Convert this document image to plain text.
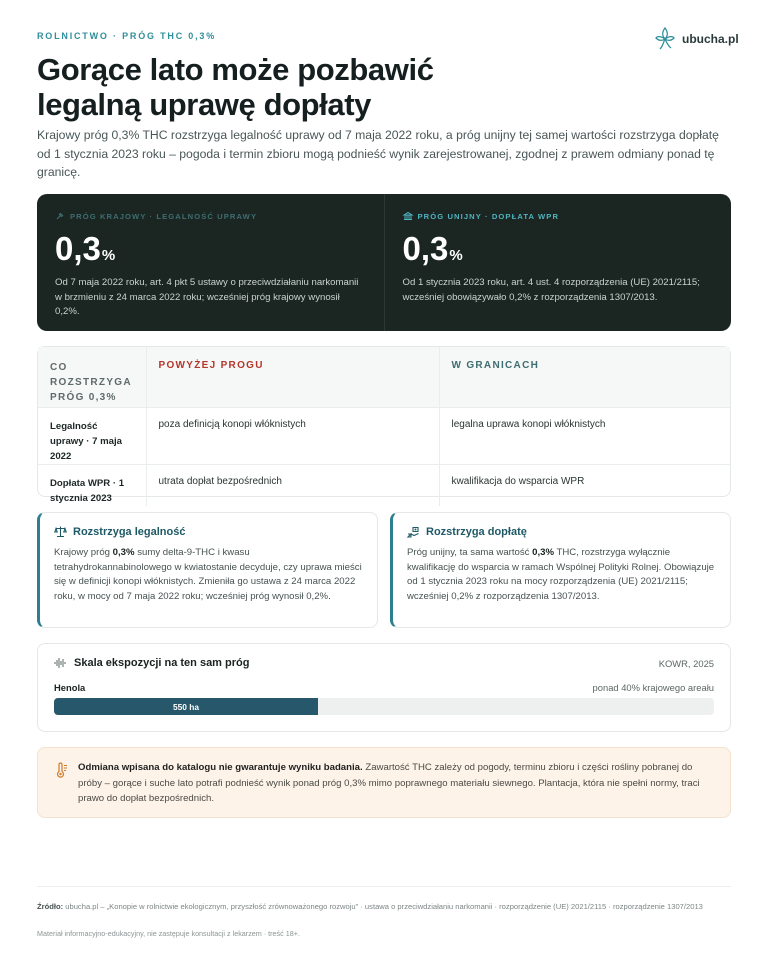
ROLNICTWO · PRÓG THC 0,3%	ubucha.pl
Gorące lato może pozbawić
legalną uprawę dopłaty

Krajowy próg 0,3% THC rozstrzyga legalność uprawy od 7 maja 2022 roku, a próg unijny tej samej wartości rozstrzyga dopłatę od 1 stycznia 2023 roku – pogoda i termin zbioru mogą podnieść wynik zarejestrowanej, zgodnej z prawem odmiany ponad tę granicę.

PRÓG KRAJOWY · LEGALNOŚĆ UPRAWY
0,3 %
Od 7 maja 2022 roku, art. 4 pkt 5 ustawy o przeciwdziałaniu narkomanii w brzmieniu z 24 marca 2022 roku; wcześniej próg krajowy wynosił 0,2%.
PRÓG UNIJNY · DOPŁATA WPR
0,3 %
Od 1 stycznia 2023 roku, art. 4 ust. 4 rozporządzenia (UE) 2021/2115; wcześniej obowiązywało 0,2% z rozporządzenia 1307/2013.
CO ROZSTRZYGA PRÓG 0,3%	POWYŻEJ PROGU	W GRANICACH
Legalność uprawy · 7 maja 2022	poza definicją konopi włóknistych	legalna uprawa konopi włóknistych
Dopłata WPR · 1 stycznia 2023	utrata dopłat bezpośrednich	kwalifikacja do wsparcia WPR
Rozstrzyga legalność

Krajowy próg 0,3% sumy delta-9-THC i kwasu tetrahydrokannabinolowego w kwiatostanie decyduje, czy uprawa mieści się w definicji konopi włóknistych. Zmieniła go ustawa z 24 marca 2022 roku, w mocy od 7 maja 2022 roku; wcześniej próg wynosił 0,2%.

Rozstrzyga dopłatę

Próg unijny, ta sama wartość 0,3% THC, rozstrzyga wyłącznie kwalifikację do wsparcia w ramach Wspólnej Polityki Rolnej. Obowiązuje od 1 stycznia 2023 roku na mocy rozporządzenia (UE) 2021/2115; wcześniej 0,2% z rozporządzenia 1307/2013.

Skala ekspozycji na ten sam próg	KOWR, 2025
Henola	ponad 40% krajowego areału
550 ha

Odmiana wpisana do katalogu nie gwarantuje wyniku badania. Zawartość THC zależy od pogody, terminu zbioru i części rośliny pobranej do próby – gorące i suche lato potrafi podnieść wynik ponad próg 0,3% mimo poprawnego materiału siewnego. Plantacja, która nie spełni normy, traci prawo do dopłat bezpośrednich.

Źródło: ubucha.pl – „Konopie w rolnictwie ekologicznym, przyszłość zrównoważonego rozwoju” · ustawa o przeciwdziałaniu narkomanii · rozporządzenie (UE) 2021/2115 · rozporządzenie 1307/2013
Materiał informacyjno-edukacyjny, nie zastępuje konsultacji z lekarzem · treść 18+.
